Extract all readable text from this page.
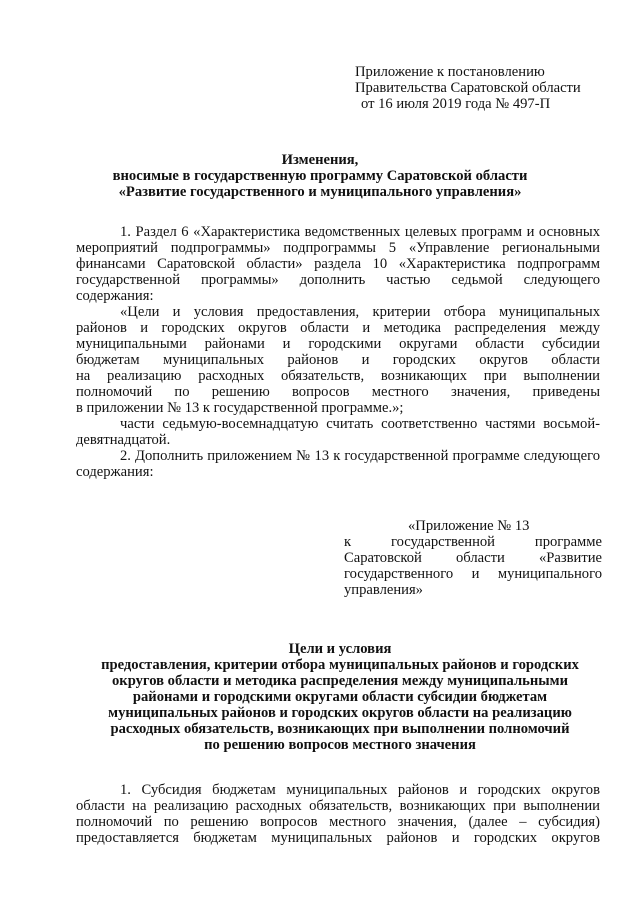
Приложение к постановлению
Правительства Саратовской области
от 16 июля 2019 года № 497-П
Изменения,
вносимые в государственную программу Саратовской области
«Развитие государственного и муниципального управления»
1. Раздел 6 «Характеристика ведомственных целевых программ и основных
мероприятий подпрограммы» подпрограммы 5 «Управление региональными
финансами Саратовской области» раздела 10 «Характеристика подпрограмм
государственной программы» дополнить частью седьмой следующего
содержания:
«Цели и условия предоставления, критерии отбора муниципальных
районов и городских округов области и методика распределения между
муниципальными районами и городскими округами области субсидии
бюджетам муниципальных районов и городских округов области
на реализацию расходных обязательств, возникающих при выполнении
полномочий по решению вопросов местного значения, приведены
в приложении № 13 к государственной программе.»;
части седьмую-восемнадцатую считать соответственно частями восьмой-
девятнадцатой.
2. Дополнить приложением № 13 к государственной программе следующего
содержания:
«Приложение № 13
к государственной программе
Саратовской области «Развитие
государственного и муниципального
управления»
Цели и условия
предоставления, критерии отбора муниципальных районов и городских
округов области и методика распределения между муниципальными
районами и городскими округами области субсидии бюджетам
муниципальных районов и городских округов области на реализацию
расходных обязательств, возникающих при выполнении полномочий
по решению вопросов местного значения
1. Субсидия бюджетам муниципальных районов и городских округов
области на реализацию расходных обязательств, возникающих при выполнении
полномочий по решению вопросов местного значения, (далее – субсидия)
предоставляется бюджетам муниципальных районов и городских округов
